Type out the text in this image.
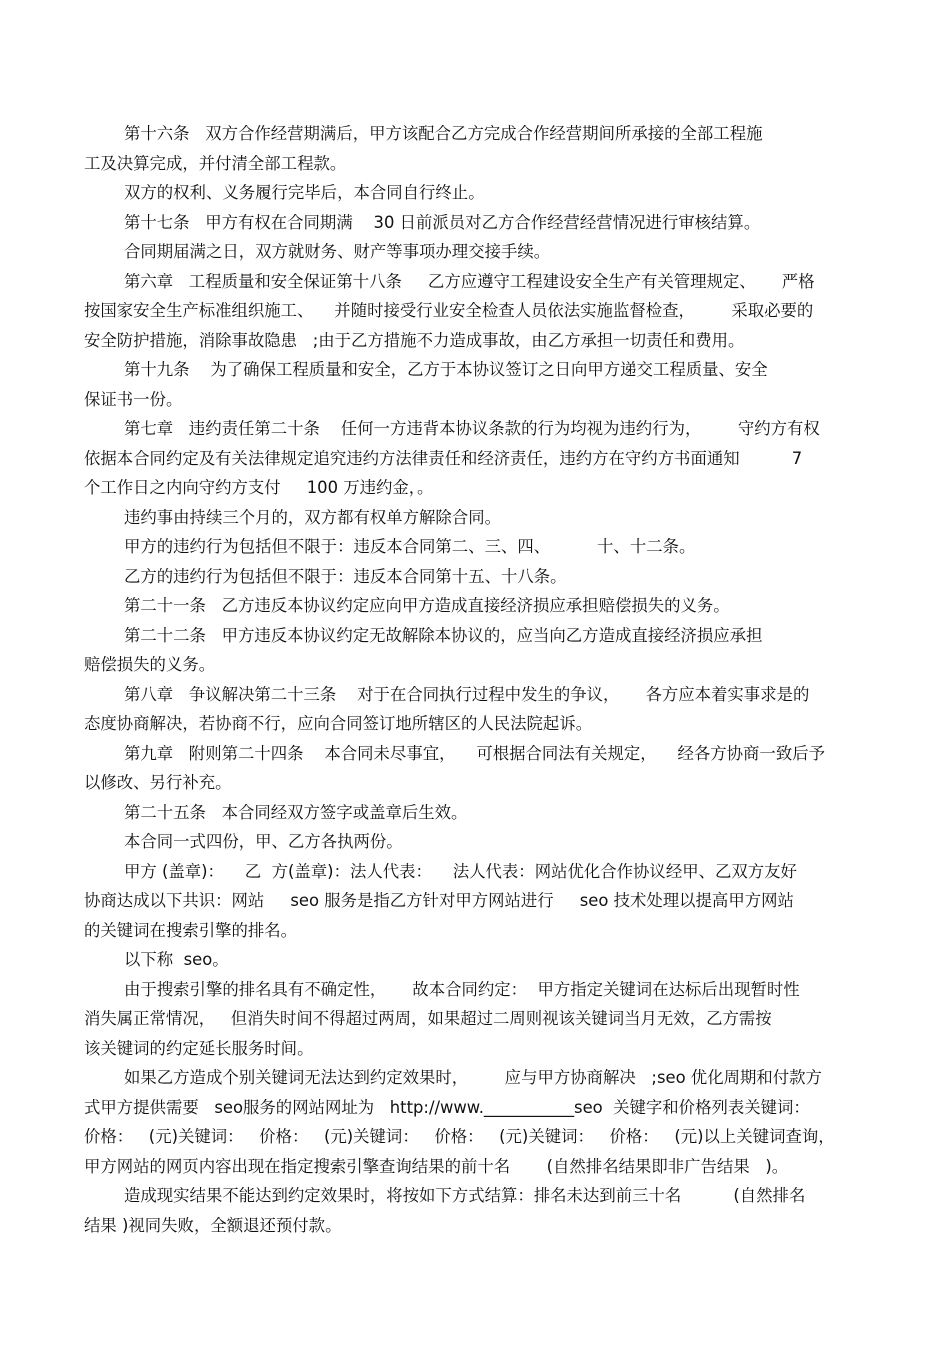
第十六条   双方合作经营期满后，甲方该配合乙方完成合作经营期间所承接的全部工程施
工及决算完成，并付清全部工程款。
双方的权利、义务履行完毕后，本合同自行终止。
第十七条   甲方有权在合同期满    30 日前派员对乙方合作经营经营情况进行审核结算。
合同期届满之日，双方就财务、财产等事项办理交接手续。
第六章   工程质量和安全保证第十八条     乙方应遵守工程建设安全生产有关管理规定、     严格
按国家安全生产标准组织施工、    并随时接受行业安全检查人员依法实施监督检查，       采取必要的
安全防护措施，消除事故隐患   ;由于乙方措施不力造成事故，由乙方承担一切责任和费用。
第十九条    为了确保工程质量和安全，乙方于本协议签订之日向甲方递交工程质量、安全
保证书一份。
第七章   违约责任第二十条    任何一方违背本协议条款的行为均视为违约行为，       守约方有权
依据本合同约定及有关法律规定追究违约方法律责任和经济责任，违约方在守约方书面通知          7
个工作日之内向守约方支付     100 万违约金，。
违约事由持续三个月的，双方都有权单方解除合同。
甲方的违约行为包括但不限于：违反本合同第二、三、四、         十、十二条。
乙方的违约行为包括但不限于：违反本合同第十五、十八条。
第二十一条   乙方违反本协议约定应向甲方造成直接经济损应承担赔偿损失的义务。
第二十二条   甲方违反本协议约定无故解除本协议的，应当向乙方造成直接经济损应承担
赔偿损失的义务。
第八章   争议解决第二十三条    对于在合同执行过程中发生的争议，     各方应本着实事求是的
态度协商解决，若协商不行，应向合同签订地所辖区的人民法院起诉。
第九章   附则第二十四条    本合同未尽事宜，    可根据合同法有关规定，    经各方协商一致后予
以修改、另行补充。
第二十五条   本合同经双方签字或盖章后生效。
本合同一式四份，甲、乙方各执两份。
甲方 (盖章)：    乙  方(盖章)：法人代表：    法人代表：网站优化合作协议经甲、乙双方友好
协商达成以下共识：网站     seo 服务是指乙方针对甲方网站进行     seo 技术处理以提高甲方网站
的关键词在搜索引擎的排名。
以下称  seo。
由于搜索引擎的排名具有不确定性，     故本合同约定：  甲方指定关键词在达标后出现暂时性
消失属正常情况，   但消失时间不得超过两周，如果超过二周则视该关键词当月无效，乙方需按
该关键词的约定延长服务时间。
如果乙方造成个别关键词无法达到约定效果时，       应与甲方协商解决   ;seo 优化周期和付款方
式甲方提供需要   seo服务的网站网址为   http://www.___________seo  关键字和价格列表关键词：
价格：   (元)关键词：   价格：   (元)关键词：   价格：   (元)关键词：   价格：   (元)以上关键词查询，
甲方网站的网页内容出现在指定搜索引擎查询结果的前十名       (自然排名结果即非广告结果   )。
造成现实结果不能达到约定效果时，将按如下方式结算：排名未达到前三十名          (自然排名
结果 )视同失败，全额退还预付款。
